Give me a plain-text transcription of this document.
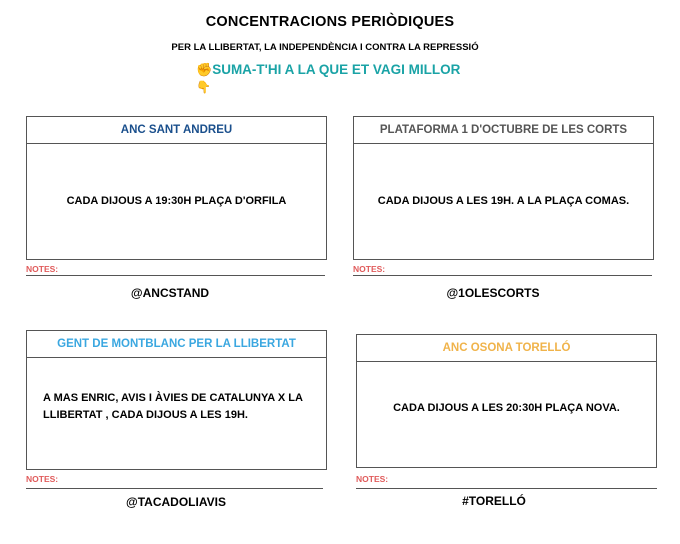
CONCENTRACIONS PERIÒDIQUES
PER LA LLIBERTAT, LA INDEPENDÈNCIA I CONTRA LA REPRESSIÓ
✊SUMA-T'HI A LA QUE ET VAGI MILLOR
👇
ANC SANT ANDREU
CADA DIJOUS A 19:30H PLAÇA D'ORFILA
NOTES:
@ANCSTAND
PLATAFORMA 1 D'OCTUBRE DE LES CORTS
CADA DIJOUS A LES 19H. A LA PLAÇA COMAS.
NOTES:
@1OLESCORTS
GENT DE MONTBLANC PER LA LLIBERTAT
A MAS ENRIC, AVIS I ÀVIES DE CATALUNYA X LA LLIBERTAT , CADA DIJOUS A LES 19H.
NOTES:
@TACADOLIAVIS
ANC OSONA TORELLÓ
CADA DIJOUS A LES 20:30H PLAÇA NOVA.
NOTES:
#TORELLÓ
